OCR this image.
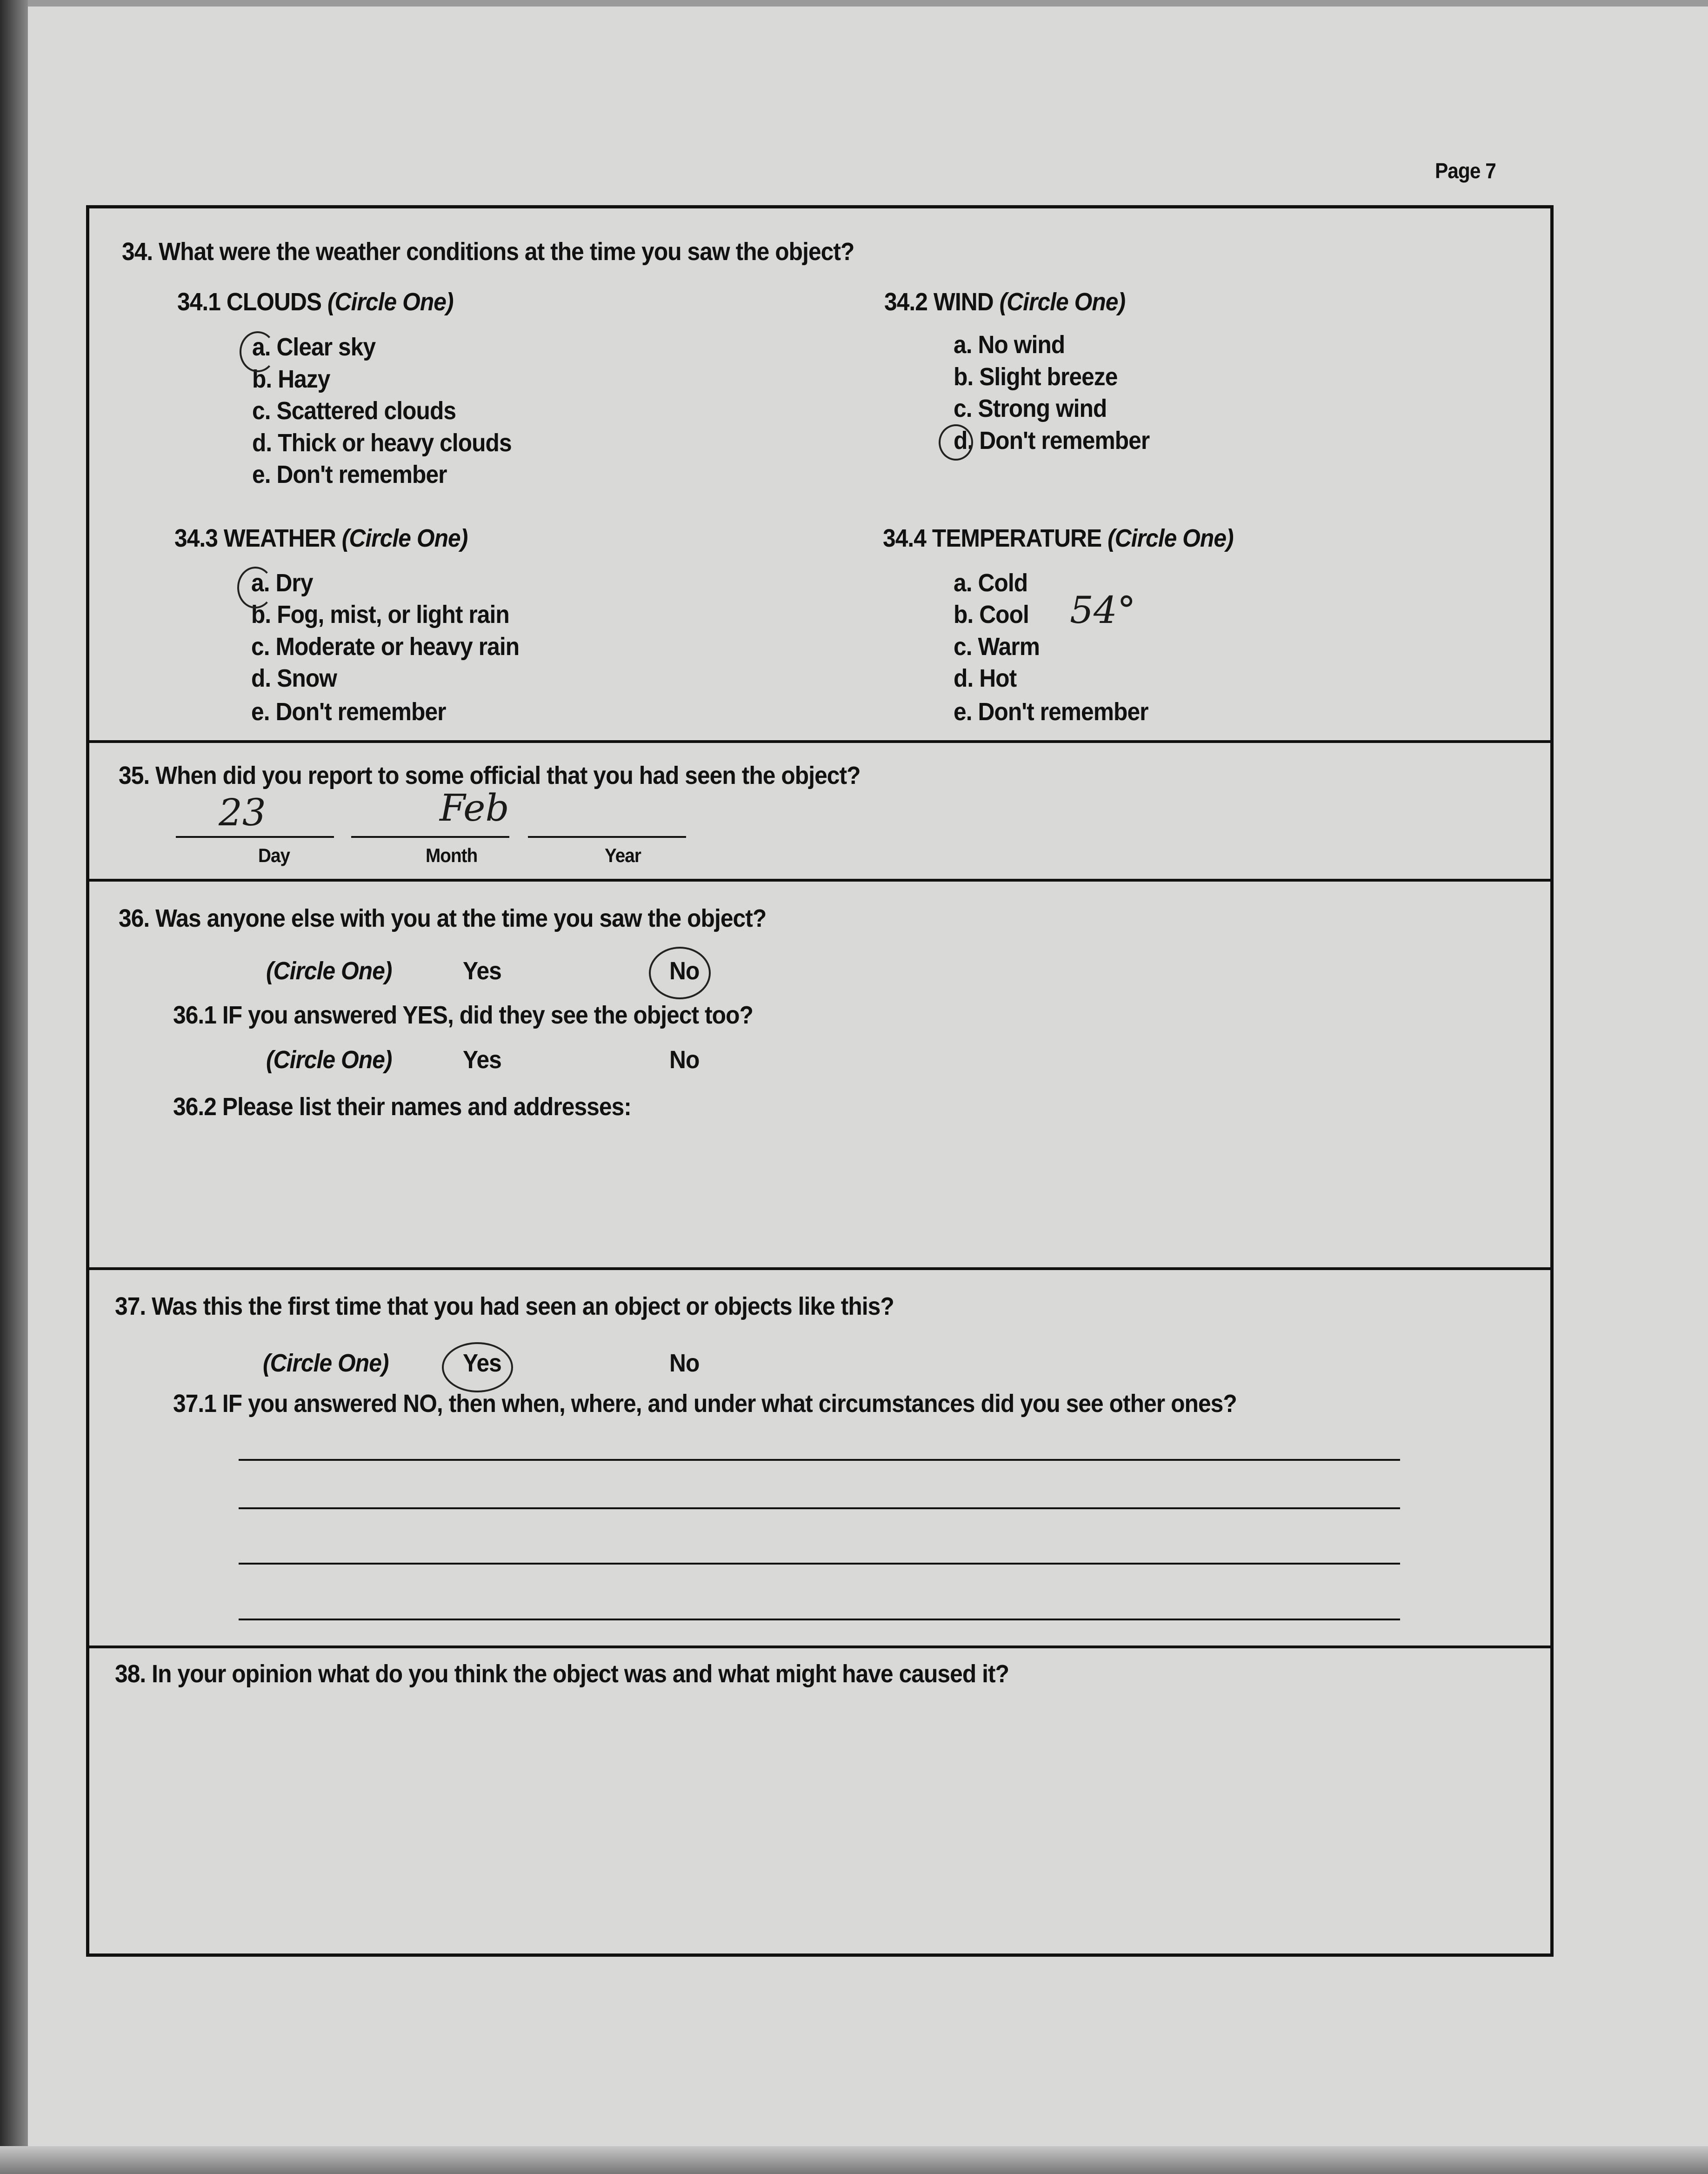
Page 7
34. What were the weather conditions at the time you saw the object?
34.1 CLOUDS (Circle One)
a. Clear sky
b. Hazy
c. Scattered clouds
d. Thick or heavy clouds
e. Don't remember
34.2 WIND (Circle One)
a. No wind
b. Slight breeze
c. Strong wind
d. Don't remember
34.3 WEATHER (Circle One)
a. Dry
b. Fog, mist, or light rain
c. Moderate or heavy rain
d. Snow
e. Don't remember
34.4 TEMPERATURE (Circle One)
a. Cold
b. Cool
c. Warm
d. Hot
e. Don't remember
54°
35. When did you report to some official that you had seen the object?
23	Feb
Day	Month	Year
36. Was anyone else with you at the time you saw the object?
(Circle One)	Yes	No
36.1 IF you answered YES, did they see the object too?
(Circle One)	Yes	No
36.2 Please list their names and addresses:
37. Was this the first time that you had seen an object or objects like this?
(Circle One)	Yes	No
37.1 IF you answered NO, then when, where, and under what circumstances did you see other ones?
38. In your opinion what do you think the object was and what might have caused it?
